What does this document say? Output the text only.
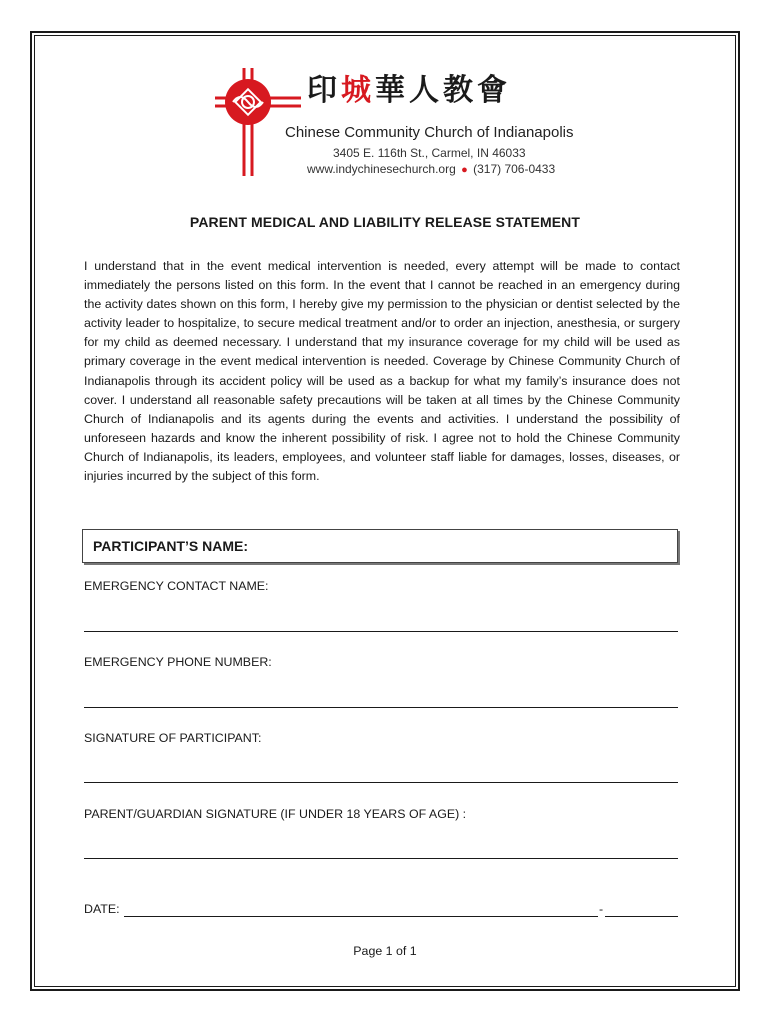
印城華人教會
Chinese Community Church of Indianapolis
3405 E. 116th St., Carmel, IN 46033
www.indychinesechurch.org ● (317) 706-0433
PARENT MEDICAL AND LIABILITY RELEASE STATEMENT

I understand that in the event medical intervention is needed, every attempt will be made to contact immediately the persons listed on this form. In the event that I cannot be reached in an emergency during the activity dates shown on this form, I hereby give my permission to the physician or dentist selected by the activity leader to hospitalize, to secure medical treatment and/or to order an injection, anesthesia, or surgery for my child as deemed necessary. I understand that my insurance coverage for my child will be used as primary coverage in the event medical intervention is needed. Coverage by Chinese Community Church of Indianapolis through its accident policy will be used as a backup for what my family’s insurance does not cover. I understand all reasonable safety precautions will be taken at all times by the Chinese Community Church of Indianapolis and its agents during the events and activities. I understand the possibility of unforeseen hazards and know the inherent possibility of risk. I agree not to hold the Chinese Community Church of Indianapolis, its leaders, employees, and volunteer staff liable for damages, losses, diseases, or injuries incurred by the subject of this form.

PARTICIPANT’S NAME:
EMERGENCY CONTACT NAME:
EMERGENCY PHONE NUMBER:
SIGNATURE OF PARTICIPANT:
PARENT/GUARDIAN SIGNATURE (IF UNDER 18 YEARS OF AGE) :
DATE:	-
Page 1 of 1
